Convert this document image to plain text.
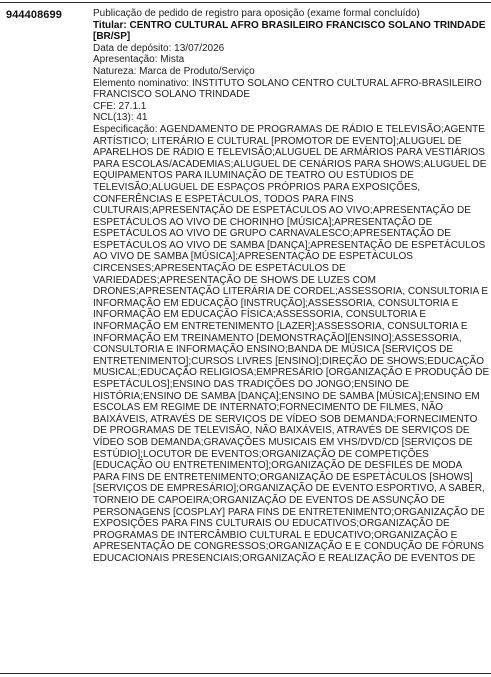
944408699	Publicação de pedido de registro para oposição (exame formal concluído)
Titular: CENTRO CULTURAL AFRO BRASILEIRO FRANCISCO SOLANO TRINDADE
[BR/SP]
Data de depósito: 13/07/2026
Apresentação: Mista
Natureza: Marca de Produto/Serviço
Elemento nominativo: INSTITUTO SOLANO CENTRO CULTURAL AFRO-BRASILEIRO
FRANCISCO SOLANO TRINDADE
CFE: 27.1.1
NCL(13): 41
Especificação: AGENDAMENTO DE PROGRAMAS DE RÁDIO E TELEVISÃO;AGENTE
ARTÍSTICO; LITERÁRIO E CULTURAL [PROMOTOR DE EVENTO];ALUGUEL DE
APARELHOS DE RÁDIO E TELEVISÃO;ALUGUEL DE ARMÁRIOS PARA VESTIÁRIOS
PARA ESCOLAS/ACADEMIAS;ALUGUEL DE CENÁRIOS PARA SHOWS;ALUGUEL DE
EQUIPAMENTOS PARA ILUMINAÇÃO DE TEATRO OU ESTÚDIOS DE
TELEVISÃO;ALUGUEL DE ESPAÇOS PRÓPRIOS PARA EXPOSIÇÕES,
CONFERÊNCIAS E ESPETÁCULOS, TODOS PARA FINS
CULTURAIS;APRESENTAÇÃO DE ESPETÁCULOS AO VIVO;APRESENTAÇÃO DE
ESPETÁCULOS AO VIVO DE CHORINHO [MÚSICA];APRESENTAÇÃO DE
ESPETÁCULOS AO VIVO DE GRUPO CARNAVALESCO;APRESENTAÇÃO DE
ESPETÁCULOS AO VIVO DE SAMBA [DANÇA];APRESENTAÇÃO DE ESPETÁCULOS
AO VIVO DE SAMBA [MÚSICA];APRESENTAÇÃO DE ESPETÁCULOS
CIRCENSES;APRESENTAÇÃO DE ESPETÁCULOS DE
VARIEDADES;APRESENTAÇÃO DE SHOWS DE LUZES COM
DRONES;APRESENTAÇÃO LITERÁRIA DE CORDEL;ASSESSORIA, CONSULTORIA E
INFORMAÇÃO EM EDUCAÇÃO [INSTRUÇÃO];ASSESSORIA, CONSULTORIA E
INFORMAÇÃO EM EDUCAÇÃO FÍSICA;ASSESSORIA, CONSULTORIA E
INFORMAÇÃO EM ENTRETENIMENTO [LAZER];ASSESSORIA, CONSULTORIA E
INFORMAÇÃO EM TREINAMENTO [DEMONSTRAÇÃO][ENSINO];ASSESSORIA,
CONSULTORIA E INFORMAÇÃO ENSINO;BANDA DE MÚSICA [SERVIÇOS DE
ENTRETENIMENTO];CURSOS LIVRES [ENSINO];DIREÇÃO DE SHOWS;EDUCAÇÃO
MUSICAL;EDUCAÇÃO RELIGIOSA;EMPRESÁRIO [ORGANIZAÇÃO E PRODUÇÃO DE
ESPETÁCULOS];ENSINO DAS TRADIÇÕES DO JONGO;ENSINO DE
HISTÓRIA;ENSINO DE SAMBA [DANÇA];ENSINO DE SAMBA [MÚSICA];ENSINO EM
ESCOLAS EM REGIME DE INTERNATO;FORNECIMENTO DE FILMES, NÃO
BAIXÁVEIS, ATRAVÉS DE SERVIÇOS DE VÍDEO SOB DEMANDA;FORNECIMENTO
DE PROGRAMAS DE TELEVISÃO, NÃO BAIXÁVEIS, ATRAVÉS DE SERVIÇOS DE
VÍDEO SOB DEMANDA;GRAVAÇÕES MUSICAIS EM VHS/DVD/CD [SERVIÇOS DE
ESTÚDIO];LOCUTOR DE EVENTOS;ORGANIZAÇÃO DE COMPETIÇÕES
[EDUCAÇÃO OU ENTRETENIMENTO];ORGANIZAÇÃO DE DESFILES DE MODA
PARA FINS DE ENTRETENIMENTO;ORGANIZAÇÃO DE ESPETÁCULOS [SHOWS]
[SERVIÇOS DE EMPRESÁRIO];ORGANIZAÇÃO DE EVENTO ESPORTIVO, A SABER,
TORNEIO DE CAPOEIRA;ORGANIZAÇÃO DE EVENTOS DE ASSUNÇÃO DE
PERSONAGENS [COSPLAY] PARA FINS DE ENTRETENIMENTO;ORGANIZAÇÃO DE
EXPOSIÇÕES PARA FINS CULTURAIS OU EDUCATIVOS;ORGANIZAÇÃO DE
PROGRAMAS DE INTERCÂMBIO CULTURAL E EDUCATIVO;ORGANIZAÇÃO E
APRESENTAÇÃO DE CONGRESSOS;ORGANIZAÇÃO E E CONDUÇÃO DE FÓRUNS
EDUCACIONAIS PRESENCIAIS;ORGANIZAÇÃO E REALIZAÇÃO DE EVENTOS DE
